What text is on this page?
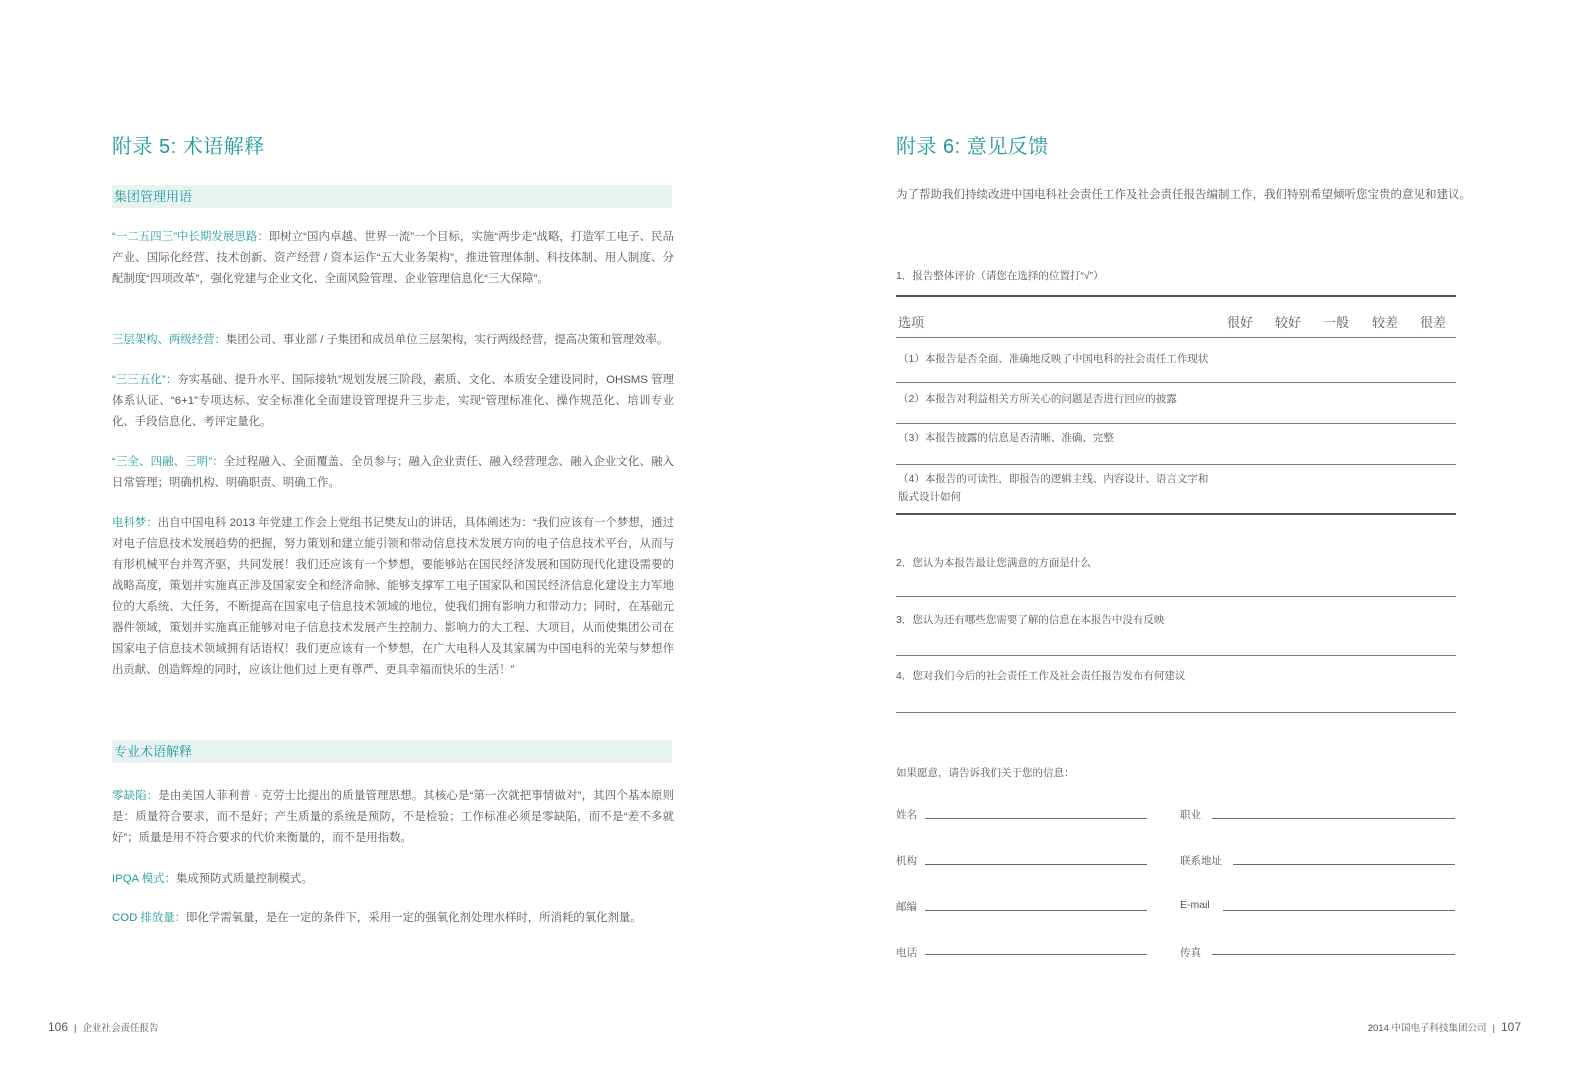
附录 5: 术语解释
集团管理用语
“一二五四三”中长期发展思路：即树立“国内卓越、世界一流”一个目标，实施“两步走”战略，打造军工电子、民品产业、国际化经营、技术创新、资产经营 / 资本运作“五大业务架构”，推进管理体制、科技体制、用人制度、分配制度“四项改革”，强化党建与企业文化、全面风险管理、企业管理信息化“三大保障”。
三层架构、两级经营：集团公司、事业部 / 子集团和成员单位三层架构，实行两级经营，提高决策和管理效率。
“三三五化”：夯实基础、提升水平、国际接轨”规划发展三阶段，素质、文化、本质安全建设同时，OHSMS 管理体系认证、“6+1”专项达标、安全标准化全面建设管理提升三步走，实现“管理标准化、操作规范化、培训专业化、手段信息化、考评定量化。
“三全、四融、三明”：全过程融入、全面覆盖、全员参与；融入企业责任、融入经营理念、融入企业文化、融入日常管理；明确机构、明确职责、明确工作。
电科梦：出自中国电科 2013 年党建工作会上党组书记樊友山的讲话，具体阐述为：“我们应该有一个梦想，通过对电子信息技术发展趋势的把握，努力策划和建立能引领和带动信息技术发展方向的电子信息技术平台，从而与有形机械平台并驾齐驱，共同发展！我们还应该有一个梦想，要能够站在国民经济发展和国防现代化建设需要的战略高度，策划并实施真正涉及国家安全和经济命脉、能够支撑军工电子国家队和国民经济信息化建设主力军地位的大系统、大任务，不断提高在国家电子信息技术领域的地位，使我们拥有影响力和带动力；同时，在基础元器件领域，策划并实施真正能够对电子信息技术发展产生控制力、影响力的大工程、大项目，从而使集团公司在国家电子信息技术领域拥有话语权！我们更应该有一个梦想，在广大电科人及其家属为中国电科的光荣与梦想作出贡献、创造辉煌的同时，应该让他们过上更有尊严、更具幸福而快乐的生活！”
专业术语解释
零缺陷：是由美国人菲利普 · 克劳士比提出的质量管理思想。其核心是“第一次就把事情做对”，其四个基本原则是：质量符合要求，而不是好；产生质量的系统是预防，不是检验；工作标准必须是零缺陷，而不是“差不多就好”；质量是用不符合要求的代价来衡量的，而不是用指数。
IPQA 模式：集成预防式质量控制模式。
COD 排放量：即化学需氧量，是在一定的条件下，采用一定的强氧化剂处理水样时，所消耗的氧化剂量。
106 | 企业社会责任报告
附录 6: 意见反馈
为了帮助我们持续改进中国电科社会责任工作及社会责任报告编制工作，我们特别希望倾听您宝贵的意见和建议。
1．报告整体评价（请您在选择的位置打“√”）
选项	很好 较好 一般 较差 很差
（1）本报告是否全面、准确地反映了中国电科的社会责任工作现状
（2）本报告对利益相关方所关心的问题是否进行回应的披露
（3）本报告披露的信息是否清晰、准确、完整
（4）本报告的可读性，即报告的逻辑主线、内容设计、语言文字和版式设计如何
2．您认为本报告最让您满意的方面是什么
3．您认为还有哪些您需要了解的信息在本报告中没有反映
4．您对我们今后的社会责任工作及社会责任报告发布有何建议
如果愿意，请告诉我们关于您的信息：
姓名	职业
机构	联系地址
邮编	E-mail
电话	传真
2014 中国电子科技集团公司 | 107
